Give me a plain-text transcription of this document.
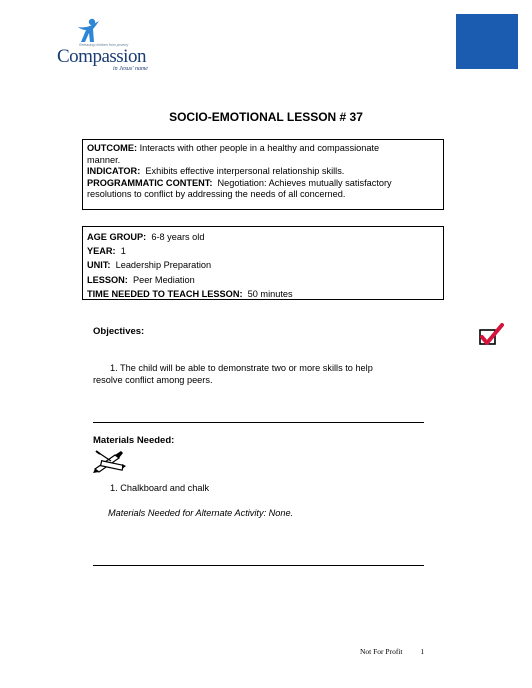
Releasing children from poverty
Compassion
in Jesus' name
SOCIO-EMOTIONAL LESSON # 37
OUTCOME: Interacts with other people in a healthy and compassionate
manner.
INDICATOR: Exhibits effective interpersonal relationship skills.
PROGRAMMATIC CONTENT: Negotiation: Achieves mutually satisfactory
resolutions to conflict by addressing the needs of all concerned.
AGE GROUP: 6-8 years old
YEAR: 1
UNIT: Leadership Preparation
LESSON: Peer Mediation
TIME NEEDED TO TEACH LESSON: 50 minutes
Objectives:
1. The child will be able to demonstrate two or more skills to help
resolve conflict among peers.
Materials Needed:
1. Chalkboard and chalk
Materials Needed for Alternate Activity: None.
Not For Profit 1
